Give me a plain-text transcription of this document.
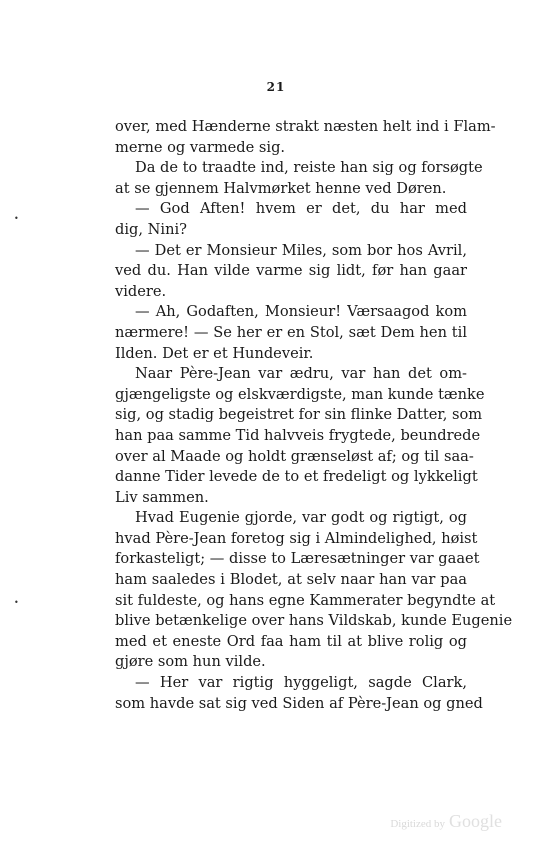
21
•
•
over, med Hænderne strakt næsten helt ind i Flam-
merne og varmede sig.
Da de to traadte ind, reiste han sig og forsøgte
at se gjennem Halvmørket henne ved Døren.
— God Aften! hvem er det, du har med
dig, Nini?
— Det er Monsieur Miles, som bor hos Avril,
ved du. Han vilde varme sig lidt, før han gaar
videre.
— Ah, Godaften, Monsieur! Værsaagod kom
nærmere! — Se her er en Stol, sæt Dem hen til
Ilden. Det er et Hundeveir.
Naar Père-Jean var ædru, var han det om-
gjængeligste og elskværdigste, man kunde tænke
sig, og stadig begeistret for sin flinke Datter, som
han paa samme Tid halvveis frygtede, beundrede
over al Maade og holdt grænseløst af; og til saa-
danne Tider levede de to et fredeligt og lykkeligt
Liv sammen.
Hvad Eugenie gjorde, var godt og rigtigt, og
hvad Père-Jean foretog sig i Almindelighed, høist
forkasteligt; — disse to Læresætninger var gaaet
ham saaledes i Blodet, at selv naar han var paa
sit fuldeste, og hans egne Kammerater begyndte at
blive betænkelige over hans Vildskab, kunde Eugenie
med et eneste Ord faa ham til at blive rolig og
gjøre som hun vilde.
— Her var rigtig hyggeligt, sagde Clark,
som havde sat sig ved Siden af Père-Jean og gned
Digitized by Google
